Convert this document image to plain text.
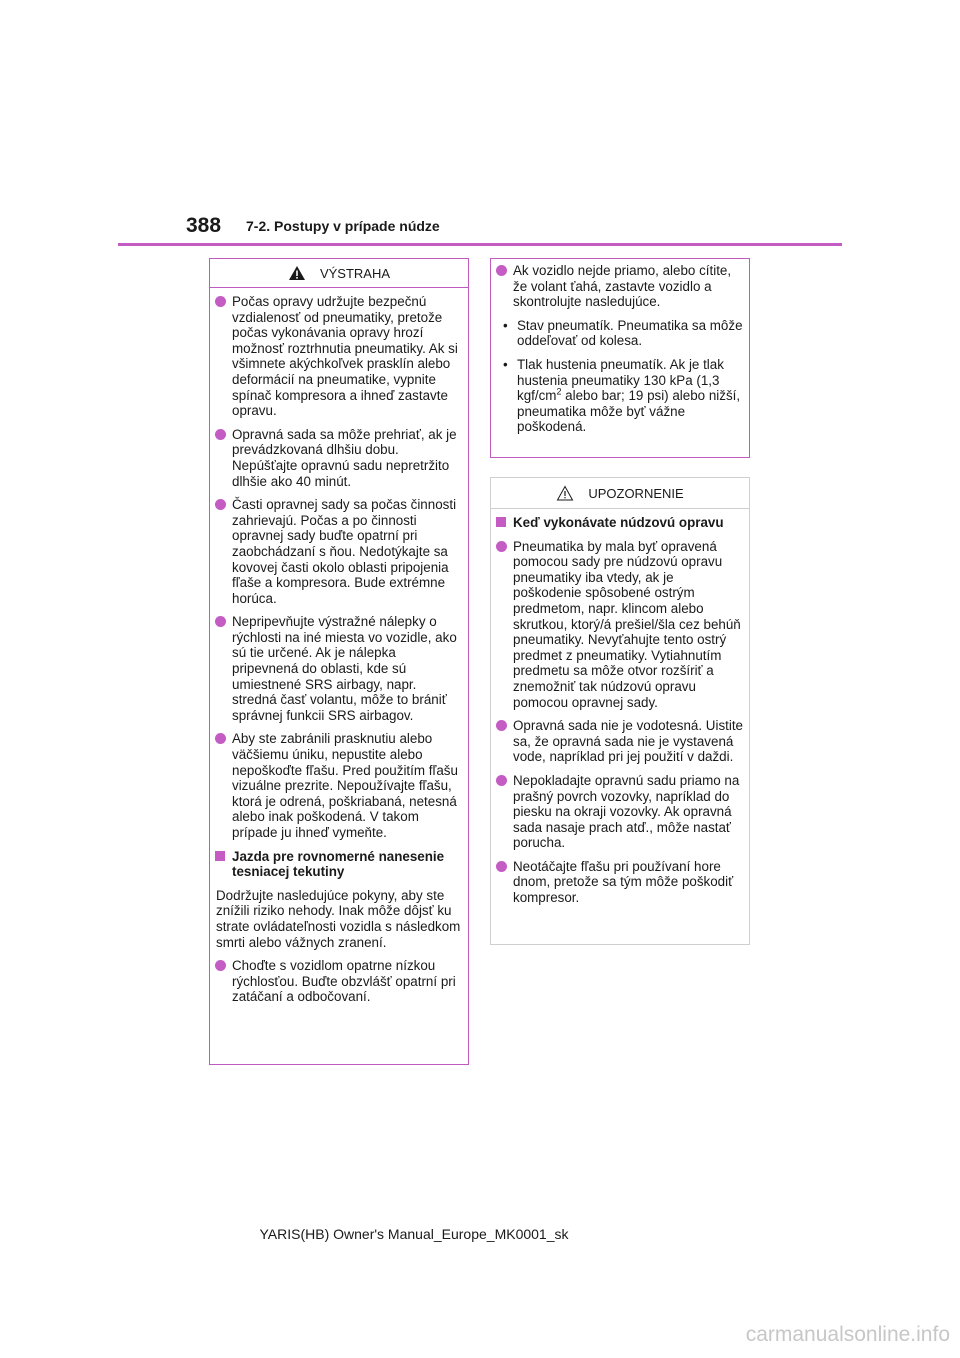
388 7-2. Postupy v prípade núdze
VÝSTRAHA
Počas opravy udržujte bezpečnú vzdialenosť od pneumatiky, pretože počas vykonávania opravy hrozí možnosť roztrhnutia pneumatiky. Ak si všimnete akýchkoľvek prasklín alebo deformácií na pneumatike, vypnite spínač kompresora a ihneď zastavte opravu.
Opravná sada sa môže prehriať, ak je prevádzkovaná dlhšiu dobu. Nepúšťajte opravnú sadu nepretržito dlhšie ako 40 minút.
Časti opravnej sady sa počas činnosti zahrievajú. Počas a po činnosti opravnej sady buďte opatrní pri zaobchádzaní s ňou. Nedotýkajte sa kovovej časti okolo oblasti pripojenia fľaše a kompresora. Bude extrémne horúca.
Nepripevňujte výstražné nálepky o rýchlosti na iné miesta vo vozidle, ako sú tie určené. Ak je nálepka pripevnená do oblasti, kde sú umiestnené SRS airbagy, napr. stredná časť volantu, môže to brániť správnej funkcii SRS airbagov.
Aby ste zabránili prasknutiu alebo väčšiemu úniku, nepustite alebo nepoškoďte fľašu. Pred použitím fľašu vizuálne prezrite. Nepoužívajte fľašu, ktorá je odrená, poškriabaná, netesná alebo inak poškodená. V takom prípade ju ihneď vymeňte.
Jazda pre rovnomerné nanesenie tesniacej tekutiny
Dodržujte nasledujúce pokyny, aby ste znížili riziko nehody. Inak môže dôjsť ku strate ovládateľnosti vozidla s následkom smrti alebo vážnych zranení.
Choďte s vozidlom opatrne nízkou rýchlosťou. Buďte obzvlášť opatrní pri zatáčaní a odbočovaní.
Ak vozidlo nejde priamo, alebo cítite, že volant ťahá, zastavte vozidlo a skontrolujte nasledujúce.
• Stav pneumatík. Pneumatika sa môže oddeľovať od kolesa.
• Tlak hustenia pneumatík. Ak je tlak hustenia pneumatiky 130 kPa (1,3 kgf/$cm^2$ alebo bar; 19 psi) alebo nižší, pneumatika môže byť vážne poškodená.
UPOZORNENIE
Keď vykonávate núdzovú opravu
Pneumatika by mala byť opravená pomocou sady pre núdzovú opravu pneumatiky iba vtedy, ak je poškodenie spôsobené ostrým predmetom, napr. klincom alebo skrutkou, ktorý/á prešiel/šla cez behúň pneumatiky. Nevyťahujte tento ostrý predmet z pneumatiky. Vytiahnutím predmetu sa môže otvor rozšíriť a znemožniť tak núdzovú opravu pomocou opravnej sady.
Opravná sada nie je vodotesná. Uistite sa, že opravná sada nie je vystavená vode, napríklad pri jej použití v daždi.
Nepokladajte opravnú sadu priamo na prašný povrch vozovky, napríklad do piesku na okraji vozovky. Ak opravná sada nasaje prach atď., môže nastať porucha.
Neotáčajte fľašu pri používaní hore dnom, pretože sa tým môže poškodiť kompresor.
YARIS(HB) Owner's Manual_Europe_MK0001_sk
carmanualsonline.info
